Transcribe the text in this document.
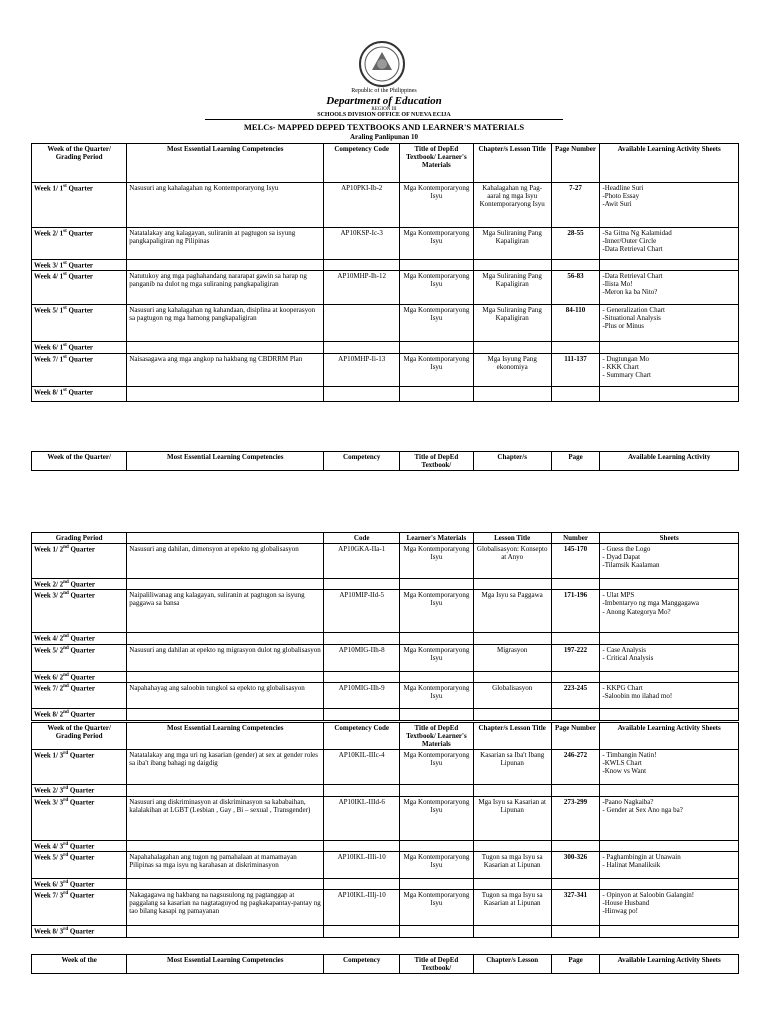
Republic of the Philippines
Department of Education
REGION III
SCHOOLS DIVISION OFFICE OF NUEVA ECIJA
MELCs- MAPPED DEPED TEXTBOOKS AND LEARNER'S MATERIALS
Araling Panlipunan 10
Week of the Quarter/ Grading Period	Most Essential Learning Competencies	Competency Code	Title of DepEd Textbook/ Learner's Materials	Chapter/s Lesson Title	Page Number	Available Learning Activity Sheets
Week 1/ 1st Quarter	Nasusuri ang kahalagahan ng Kontemporaryong Isyu	AP10PKI-Ib-2	Mga Kontemporaryong Isyu	Kahalagahan ng Pag-aaral ng mga Isyu Kontemporaryong Isyu	7-27	-Headline Suri
-Photo Essay
-Awit Suri
Week 2/ 1st Quarter	Natatalakay ang kalagayan, suliranin at pagtugon sa isyung pangkapaligiran ng Pilipinas	AP10KSP-Ic-3	Mga Kontemporaryong Isyu	Mga Suliraning Pang Kapaligiran	28-55	-Sa Gitna Ng Kalamidad
-Inner/Outer Circle
-Data Retrieval Chart
Week 3/ 1st Quarter						
Week 4/ 1st Quarter	Natutukoy ang mga paghahandang nararapat gawin sa harap ng panganib na dulot ng mga suliraning pangkapaligiran	AP10MHP-Ih-12	Mga Kontemporaryong Isyu	Mga Suliraning Pang Kapaligiran	56-83	-Data Retrieval Chart
-Ilista Mo!
-Meron ka ba Nito?
Week 5/ 1st Quarter	Nasusuri ang kahalagahan ng kahandaan, disiplina at kooperasyon sa pagtugon ng mga hamong pangkapaligiran		Mga Kontemporaryong Isyu	Mga Suliraning Pang Kapaligiran	84-110	- Generalization Chart
-Situational Analysis
-Plus or Minus
Week 6/ 1st Quarter						
Week 7/ 1st Quarter	Naisasagawa ang mga angkop na hakbang ng CBDRRM Plan	AP10MHP-Ii-13	Mga Kontemporaryong Isyu	Mga Isyung Pang ekonomiya	111-137	- Dugtungan Mo
- KKK Chart
- Summary Chart
Week 8/ 1st Quarter						
Week of the Quarter/	Most Essential Learning Competencies	Competency	Title of DepEd Textbook/	Chapter/s	Page	Available Learning Activity
Grading Period		Code	Learner's Materials	Lesson Title	Number	Sheets
Week 1/ 2nd Quarter	Nasusuri ang dahilan, dimensyon at epekto ng globalisasyon	AP10GKA-IIa-1	Mga Kontemporaryong Isyu	Globalisasyon: Konsepto at Anyo	145-170	- Guess the Logo
- Dyad Dapat
-Tilamsik Kaalaman
Week 2/ 2nd Quarter						
Week 3/ 2nd Quarter	Naipaliliwanag ang kalagayan, suliranin at pagtugon sa isyung paggawa sa bansa	AP10MIP-IId-5	Mga Kontemporaryong Isyu	Mga Isyu sa Paggawa	171-196	- Ulat MPS
-Imbentaryo ng mga Manggagawa
- Anong Kategorya Mo?
Week 4/ 2nd Quarter						
Week 5/ 2nd Quarter	Nasusuri ang dahilan at epekto ng migrasyon dulot ng globalisasyon	AP10MIG-IIh-8	Mga Kontemporaryong Isyu	Migrasyon	197-222	- Case Analysis
- Critical Analysis
Week 6/ 2nd Quarter						
Week 7/ 2nd Quarter	Napahahayag ang saloobin tungkol sa epekto ng globalisasyon	AP10MIG-IIh-9	Mga Kontemporaryong Isyu	Globalisasyon	223-245	- KKPG Chart
-Saloobin mo ilahad mo!
Week 8/ 2nd Quarter						
Week of the Quarter/ Grading Period	Most Essential Learning Competencies	Competency Code	Title of DepEd Textbook/ Learner's Materials	Chapter/s Lesson Title	Page Number	Available Learning Activity Sheets
Week 1/ 3rd Quarter	Natatalakay ang mga uri ng kasarian (gender) at sex at gender roles sa iba't ibang bahagi ng daigdig	AP10KIL-IIIc-4	Mga Kontemporaryong Isyu	Kasarian sa Iba't Ibang Lipunan	246-272	- Timbangin Natin!
-KWLS Chart
-Know vs Want
Week 2/ 3rd Quarter						
Week 3/ 3rd Quarter	Nasusuri ang diskriminasyon at diskriminasyon sa kababaihan, kalalakihan at LGBT (Lesbian , Gay , Bi – sexual , Transgender)	AP10IKL-IIId-6	Mga Kontemporaryong Isyu	Mga Isyu sa Kasarian at Lipunan	273-299	-Paano Nagkaiba?
- Gender at Sex Ano nga ba?
Week 4/ 3rd Quarter						
Week 5/ 3rd Quarter	Napahahalagahan ang tugon ng pamahalaan at mamamayan Pilipinas sa mga isyu ng karahasan at diskriminasyon	AP10IKL-IIIi-10	Mga Kontemporaryong Isyu	Tugon sa mga Isyu sa Kasarian at Lipunan	300-326	- Paghambingin at Unawain
- Halinat Manaliksik
Week 6/ 3rd Quarter						
Week 7/ 3rd Quarter	Nakagagawa ng hakbang na nagsusulong ng pagtanggap at paggalang sa kasarian na nagtataguyod ng pagkakapantay-pantay ng tao bilang kasapi ng pamayanan	AP10IKL-IIIj-10	Mga Kontemporaryong Isyu	Tugon sa mga Isyu sa Kasarian at Lipunan	327-341	- Opinyon at Saloobin Galangin!
-House Husband
-Hinwag po!
Week 8/ 3rd Quarter						
Week of the	Most Essential Learning Competencies	Competency	Title of DepEd Textbook/	Chapter/s Lesson	Page	Available Learning Activity Sheets
